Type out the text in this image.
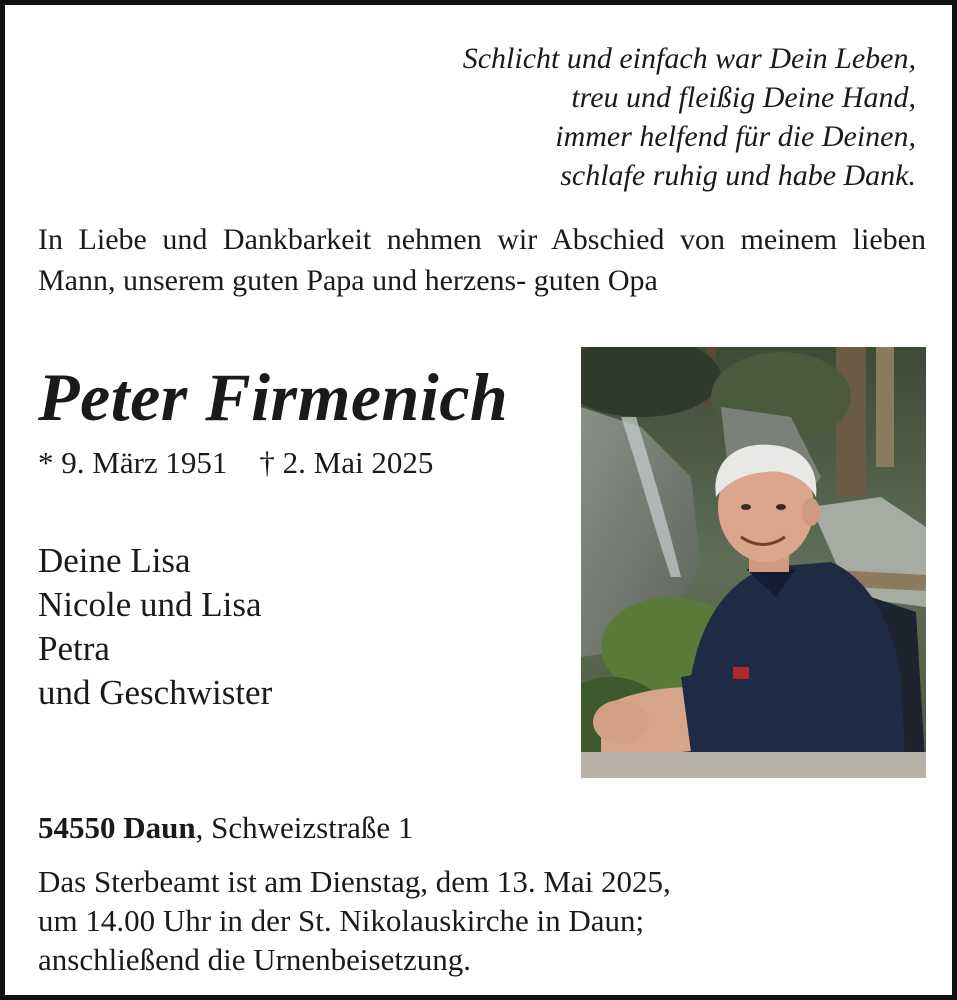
Schlicht und einfach war Dein Leben,
treu und fleißig Deine Hand,
immer helfend für die Deinen,
schlafe ruhig und habe Dank.
In Liebe und Dankbarkeit nehmen wir Abschied von meinem lieben Mann, unserem guten Papa und herzens- guten Opa
Peter Firmenich
* 9. März 1951 † 2. Mai 2025
Deine Lisa
Nicole und Lisa
Petra
und Geschwister
54550 Daun, Schweizstraße 1
Das Sterbeamt ist am Dienstag, dem 13. Mai 2025,
um 14.00 Uhr in der St. Nikolauskirche in Daun;
anschließend die Urnenbeisetzung.
